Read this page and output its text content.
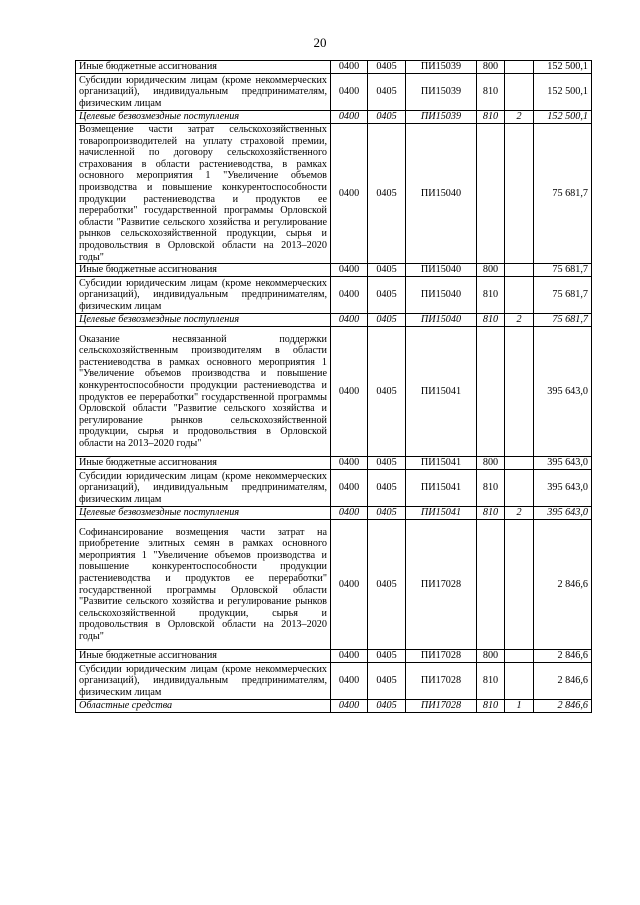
20
Иные бюджетные ассигнования	0400	0405	ПИ15039	800		152 500,1
Субсидии юридическим лицам (кроме некоммерческих организаций), индивидуальным предпринимателям, физическим лицам	0400	0405	ПИ15039	810		152 500,1
Целевые безвозмездные поступления	0400	0405	ПИ15039	810	2	152 500,1
Возмещение части затрат сельскохозяйственных товаропроизводителей на уплату страховой премии, начисленной по договору сельскохозяйственного страхования в области растениеводства, в рамках основного мероприятия 1 "Увеличение объемов производства и повышение конкурентоспособности продукции растениеводства и продуктов ее переработки" государственной программы Орловской области "Развитие сельского хозяйства и регулирование рынков сельскохозяйственной продукции, сырья и продовольствия в Орловской области на 2013–2020 годы"	0400	0405	ПИ15040			75 681,7
Иные бюджетные ассигнования	0400	0405	ПИ15040	800		75 681,7
Субсидии юридическим лицам (кроме некоммерческих организаций), индивидуальным предпринимателям, физическим лицам	0400	0405	ПИ15040	810		75 681,7
Целевые безвозмездные поступления	0400	0405	ПИ15040	810	2	75 681,7
Оказание несвязанной поддержки сельскохозяйственным производителям в области растениеводства в рамках основного мероприятия 1 "Увеличение объемов производства и повышение конкурентоспособности продукции растениеводства и продуктов ее переработки" государственной программы Орловской области "Развитие сельского хозяйства и регулирование рынков сельскохозяйственной продукции, сырья и продовольствия в Орловской области на 2013–2020 годы"	0400	0405	ПИ15041			395 643,0
Иные бюджетные ассигнования	0400	0405	ПИ15041	800		395 643,0
Субсидии юридическим лицам (кроме некоммерческих организаций), индивидуальным предпринимателям, физическим лицам	0400	0405	ПИ15041	810		395 643,0
Целевые безвозмездные поступления	0400	0405	ПИ15041	810	2	395 643,0
Софинансирование возмещения части затрат на приобретение элитных семян в рамках основного мероприятия 1 "Увеличение объемов производства и повышение конкурентоспособности продукции растениеводства и продуктов ее переработки" государственной программы Орловской области "Развитие сельского хозяйства и регулирование рынков сельскохозяйственной продукции, сырья и продовольствия в Орловской области на 2013–2020 годы"	0400	0405	ПИ17028			2 846,6
Иные бюджетные ассигнования	0400	0405	ПИ17028	800		2 846,6
Субсидии юридическим лицам (кроме некоммерческих организаций), индивидуальным предпринимателям, физическим лицам	0400	0405	ПИ17028	810		2 846,6
Областные средства	0400	0405	ПИ17028	810	1	2 846,6
